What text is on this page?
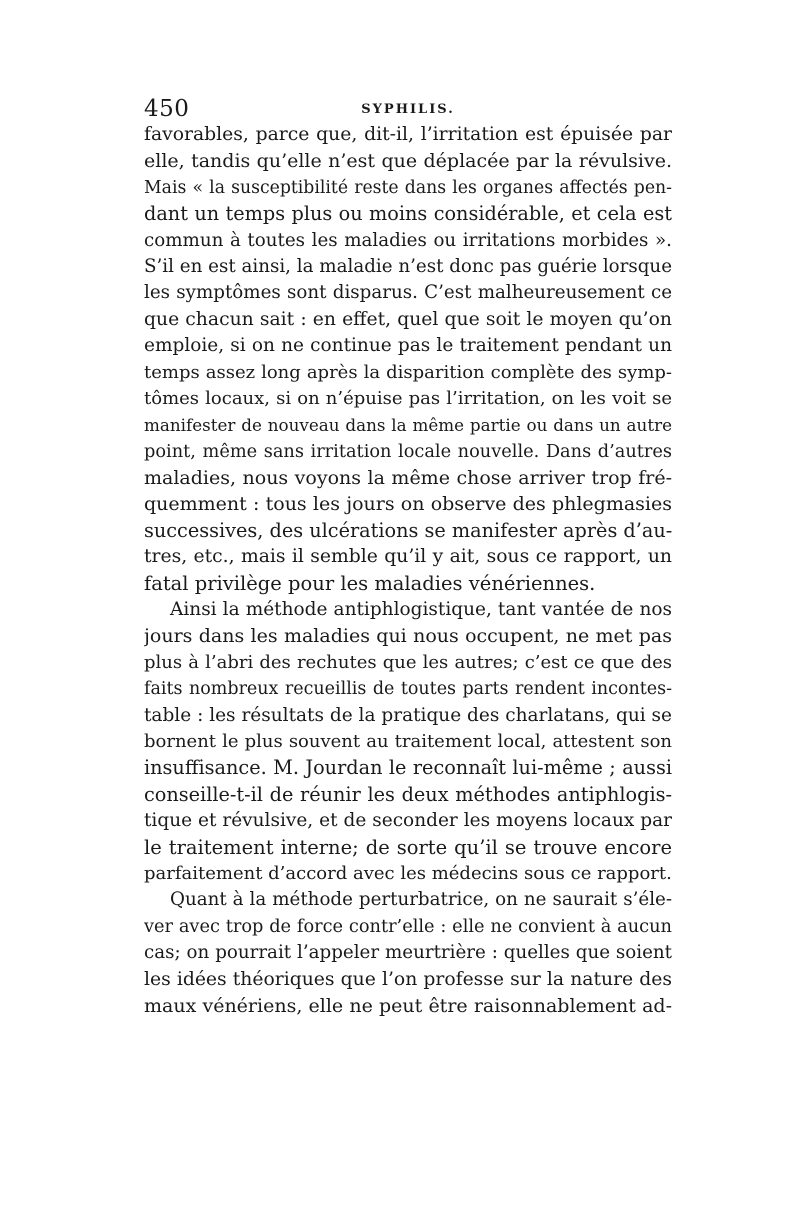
450	SYPHILIS.
favorables, parce que, dit-il, l’irritation est épuisée par
elle, tandis qu’elle n’est que déplacée par la révulsive.
Mais « la susceptibilité reste dans les organes affectés pen-
dant un temps plus ou moins considérable, et cela est
commun à toutes les maladies ou irritations morbides ».
S’il en est ainsi, la maladie n’est donc pas guérie lorsque
les symptômes sont disparus. C’est malheureusement ce
que chacun sait : en effet, quel que soit le moyen qu’on
emploie, si on ne continue pas le traitement pendant un
temps assez long après la disparition complète des symp-
tômes locaux, si on n’épuise pas l’irritation, on les voit se
manifester de nouveau dans la même partie ou dans un autre
point, même sans irritation locale nouvelle. Dans d’autres
maladies, nous voyons la même chose arriver trop fré-
quemment : tous les jours on observe des phlegmasies
successives, des ulcérations se manifester après d’au-
tres, etc., mais il semble qu’il y ait, sous ce rapport, un
fatal privilège pour les maladies vénériennes.
Ainsi la méthode antiphlogistique, tant vantée de nos
jours dans les maladies qui nous occupent, ne met pas
plus à l’abri des rechutes que les autres; c’est ce que des
faits nombreux recueillis de toutes parts rendent incontes-
table : les résultats de la pratique des charlatans, qui se
bornent le plus souvent au traitement local, attestent son
insuffisance. M. Jourdan le reconnaît lui-même ; aussi
conseille-t-il de réunir les deux méthodes antiphlogis-
tique et révulsive, et de seconder les moyens locaux par
le traitement interne; de sorte qu’il se trouve encore
parfaitement d’accord avec les médecins sous ce rapport.
Quant à la méthode perturbatrice, on ne saurait s’éle-
ver avec trop de force contr’elle : elle ne convient à aucun
cas; on pourrait l’appeler meurtrière : quelles que soient
les idées théoriques que l’on professe sur la nature des
maux vénériens, elle ne peut être raisonnablement ad-
